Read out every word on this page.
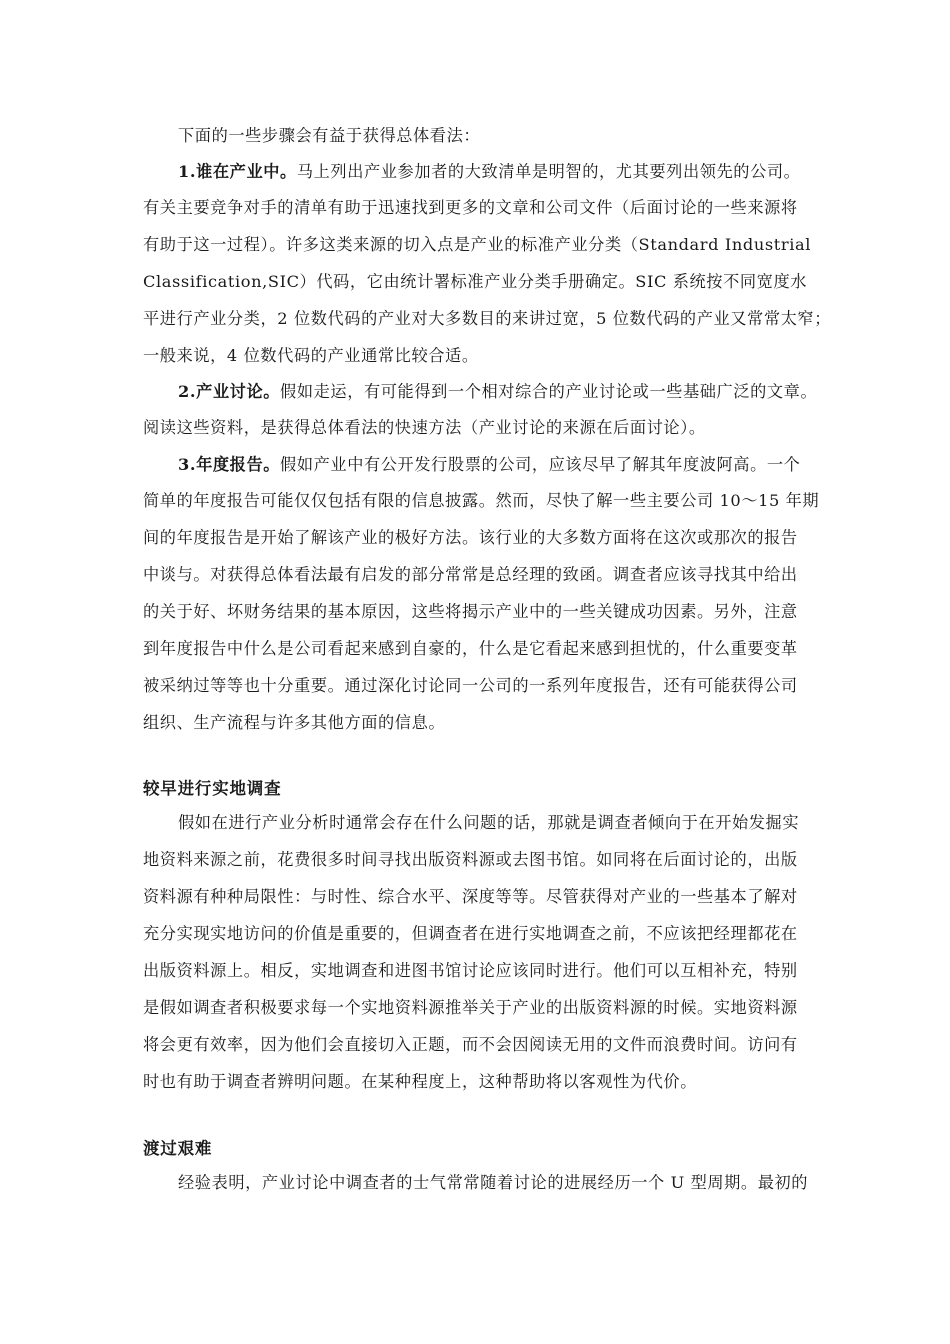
下面的一些步骤会有益于获得总体看法：
1.谁在产业中。马上列出产业参加者的大致清单是明智的，尤其要列出领先的公司。
有关主要竞争对手的清单有助于迅速找到更多的文章和公司文件（后面讨论的一些来源将
有助于这一过程）。许多这类来源的切入点是产业的标准产业分类（Standard Industrial
Classification,SIC）代码，它由统计署标准产业分类手册确定。SIC 系统按不同宽度水
平进行产业分类，2 位数代码的产业对大多数目的来讲过宽，5 位数代码的产业又常常太窄；
一般来说，4 位数代码的产业通常比较合适。
2.产业讨论。假如走运，有可能得到一个相对综合的产业讨论或一些基础广泛的文章。
阅读这些资料，是获得总体看法的快速方法（产业讨论的来源在后面讨论）。
3.年度报告。假如产业中有公开发行股票的公司，应该尽早了解其年度波阿高。一个
简单的年度报告可能仅仅包括有限的信息披露。然而，尽快了解一些主要公司 10～15 年期
间的年度报告是开始了解该产业的极好方法。该行业的大多数方面将在这次或那次的报告
中谈与。对获得总体看法最有启发的部分常常是总经理的致函。调查者应该寻找其中给出
的关于好、坏财务结果的基本原因，这些将揭示产业中的一些关键成功因素。另外，注意
到年度报告中什么是公司看起来感到自豪的，什么是它看起来感到担忧的，什么重要变革
被采纳过等等也十分重要。通过深化讨论同一公司的一系列年度报告，还有可能获得公司
组织、生产流程与许多其他方面的信息。
较早进行实地调查
假如在进行产业分析时通常会存在什么问题的话，那就是调查者倾向于在开始发掘实
地资料来源之前，花费很多时间寻找出版资料源或去图书馆。如同将在后面讨论的，出版
资料源有种种局限性：与时性、综合水平、深度等等。尽管获得对产业的一些基本了解对
充分实现实地访问的价值是重要的，但调查者在进行实地调查之前，不应该把经理都花在
出版资料源上。相反，实地调查和进图书馆讨论应该同时进行。他们可以互相补充，特别
是假如调查者积极要求每一个实地资料源推举关于产业的出版资料源的时候。实地资料源
将会更有效率，因为他们会直接切入正题，而不会因阅读无用的文件而浪费时间。访问有
时也有助于调查者辨明问题。在某种程度上，这种帮助将以客观性为代价。
渡过艰难
经验表明，产业讨论中调查者的士气常常随着讨论的进展经历一个 U 型周期。最初的
